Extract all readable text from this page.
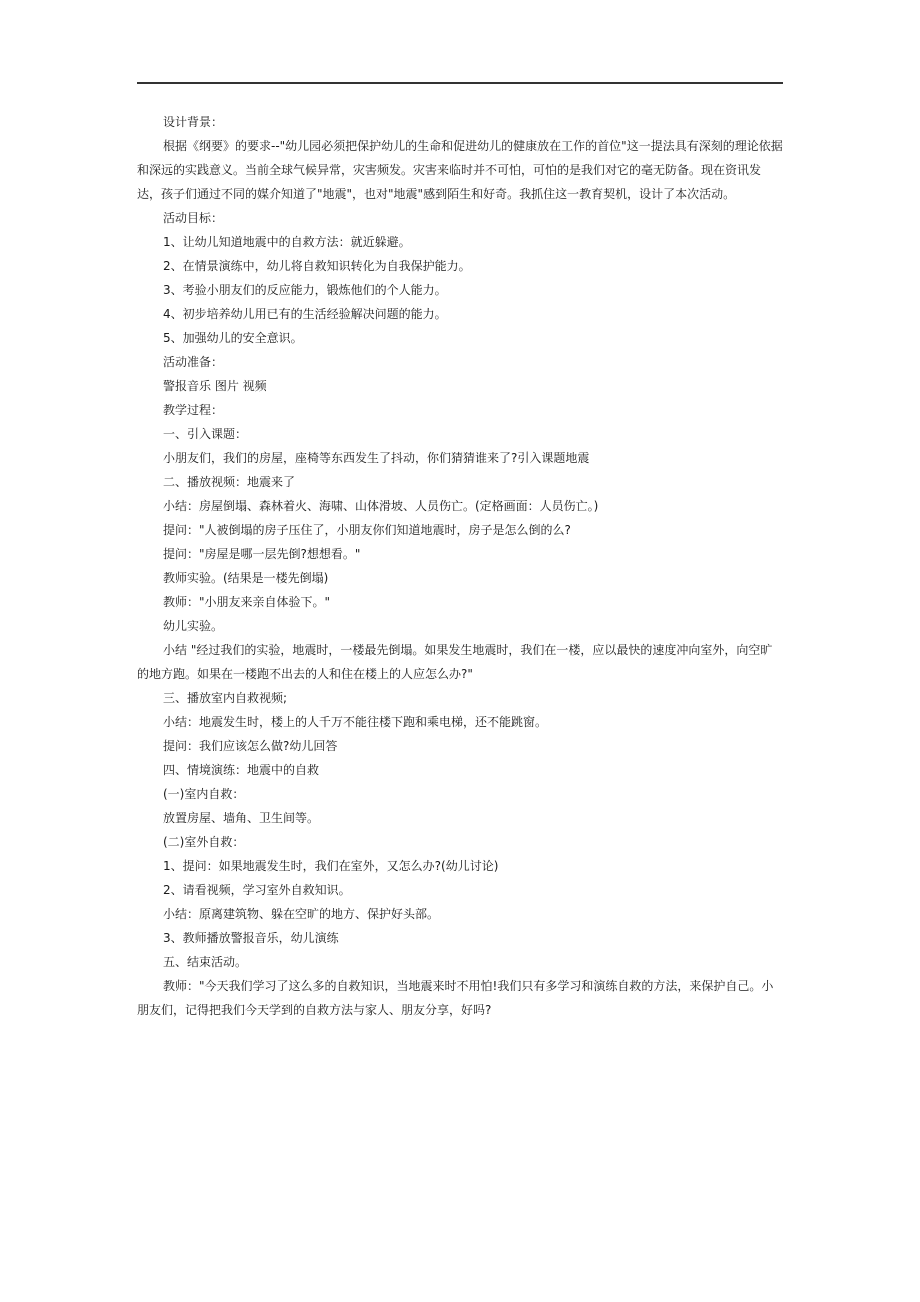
设计背景：

根据《纲要》的要求--"幼儿园必须把保护幼儿的生命和促进幼儿的健康放在工作的首位"这一提法具有深刻的理论依据和深远的实践意义。当前全球气候异常，灾害频发。灾害来临时并不可怕，可怕的是我们对它的毫无防备。现在资讯发达，孩子们通过不同的媒介知道了"地震"，也对"地震"感到陌生和好奇。我抓住这一教育契机，设计了本次活动。

活动目标：

1、让幼儿知道地震中的自救方法：就近躲避。

2、在情景演练中，幼儿将自救知识转化为自我保护能力。

3、考验小朋友们的反应能力，锻炼他们的个人能力。

4、初步培养幼儿用已有的生活经验解决问题的能力。

5、加强幼儿的安全意识。

活动准备：

警报音乐 图片 视频

教学过程：

一、引入课题：

小朋友们，我们的房屋，座椅等东西发生了抖动，你们猜猜谁来了?引入课题地震

二、播放视频：地震来了

小结：房屋倒塌、森林着火、海啸、山体滑坡、人员伤亡。(定格画面：人员伤亡。)

提问："人被倒塌的房子压住了，小朋友你们知道地震时，房子是怎么倒的么?

提问："房屋是哪一层先倒?想想看。"

教师实验。(结果是一楼先倒塌)

教师："小朋友来亲自体验下。"

幼儿实验。

小结 "经过我们的实验，地震时，一楼最先倒塌。如果发生地震时，我们在一楼，应以最快的速度冲向室外，向空旷的地方跑。如果在一楼跑不出去的人和住在楼上的人应怎么办?"

三、播放室内自救视频;

小结：地震发生时，楼上的人千万不能往楼下跑和乘电梯，还不能跳窗。

提问：我们应该怎么做?幼儿回答

四、情境演练：地震中的自救

(一)室内自救：

放置房屋、墙角、卫生间等。

(二)室外自救：

1、提问：如果地震发生时，我们在室外，又怎么办?(幼儿讨论)

2、请看视频，学习室外自救知识。

小结：原离建筑物、躲在空旷的地方、保护好头部。

3、教师播放警报音乐，幼儿演练

五、结束活动。

教师："今天我们学习了这么多的自救知识，当地震来时不用怕!我们只有多学习和演练自救的方法，来保护自己。小朋友们，记得把我们今天学到的自救方法与家人、朋友分享，好吗?
